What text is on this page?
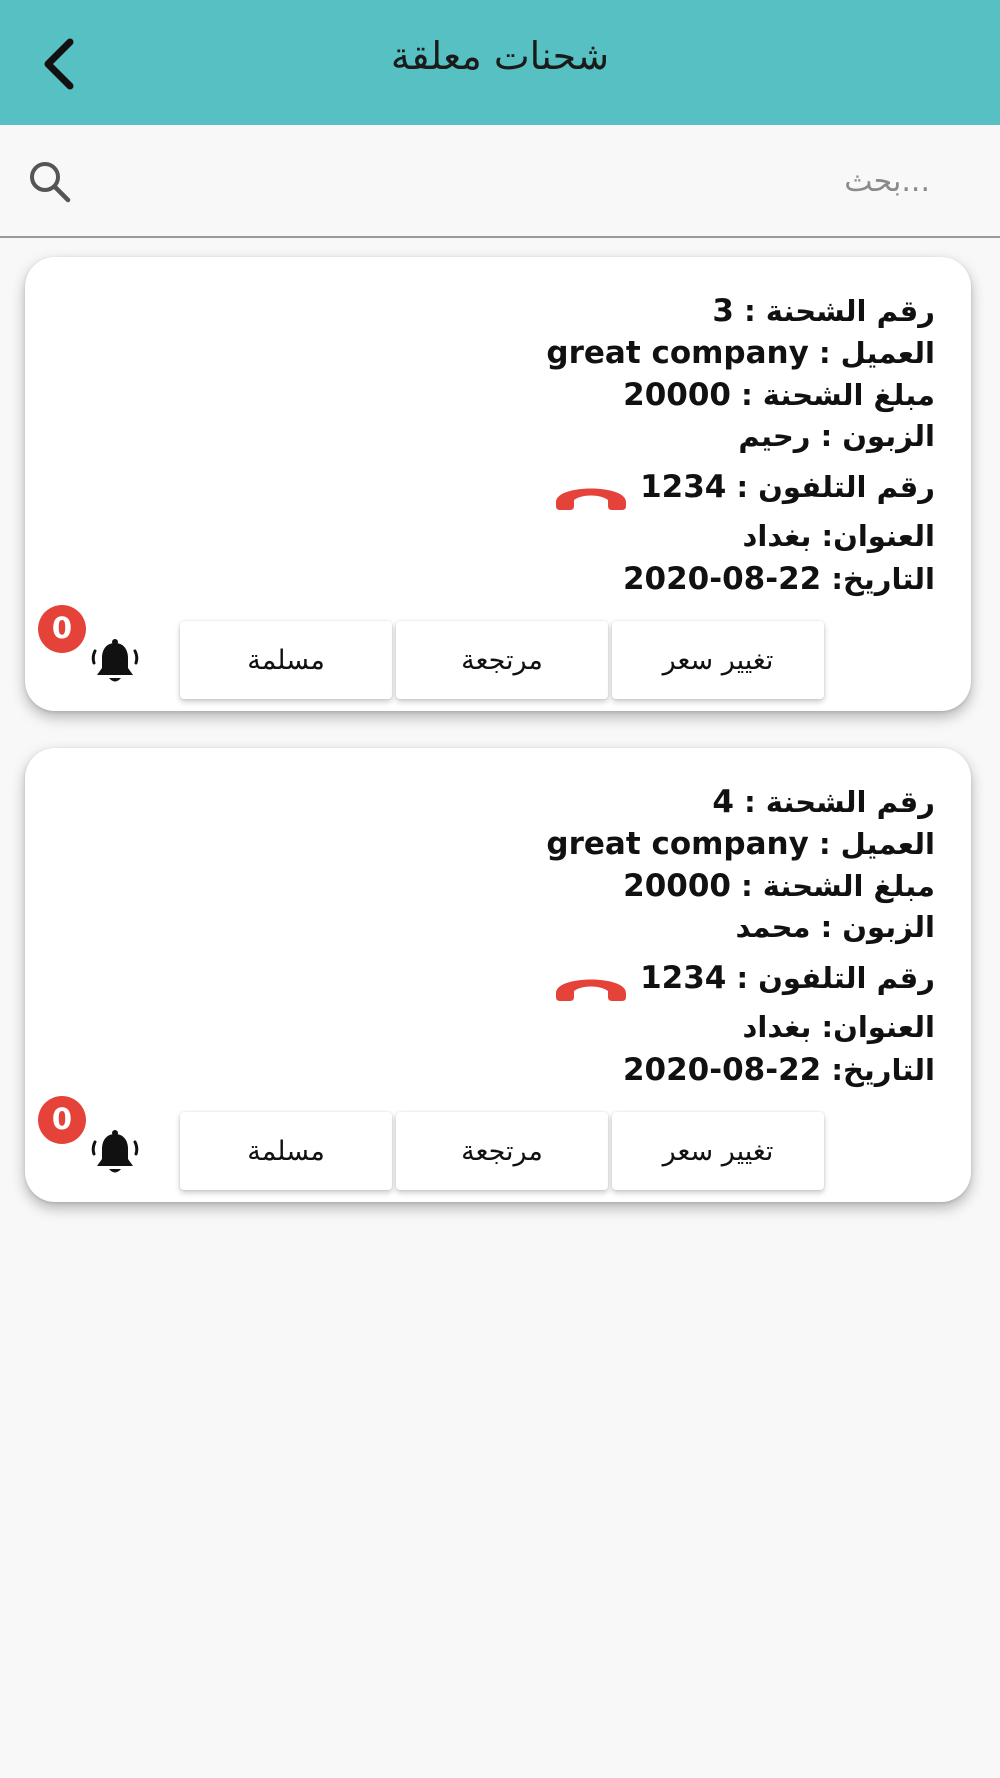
شحنات معلقة
...بحث
رقم الشحنة : 3
العميل : great company
مبلغ الشحنة : 20000
الزبون : رحيم
رقم التلفون : 1234
العنوان: بغداد
التاريخ: 22-08-2020
0
مسلمة	مرتجعة	تغيير سعر
رقم الشحنة : 4
العميل : great company
مبلغ الشحنة : 20000
الزبون : محمد
رقم التلفون : 1234
العنوان: بغداد
التاريخ: 22-08-2020
0
مسلمة	مرتجعة	تغيير سعر
